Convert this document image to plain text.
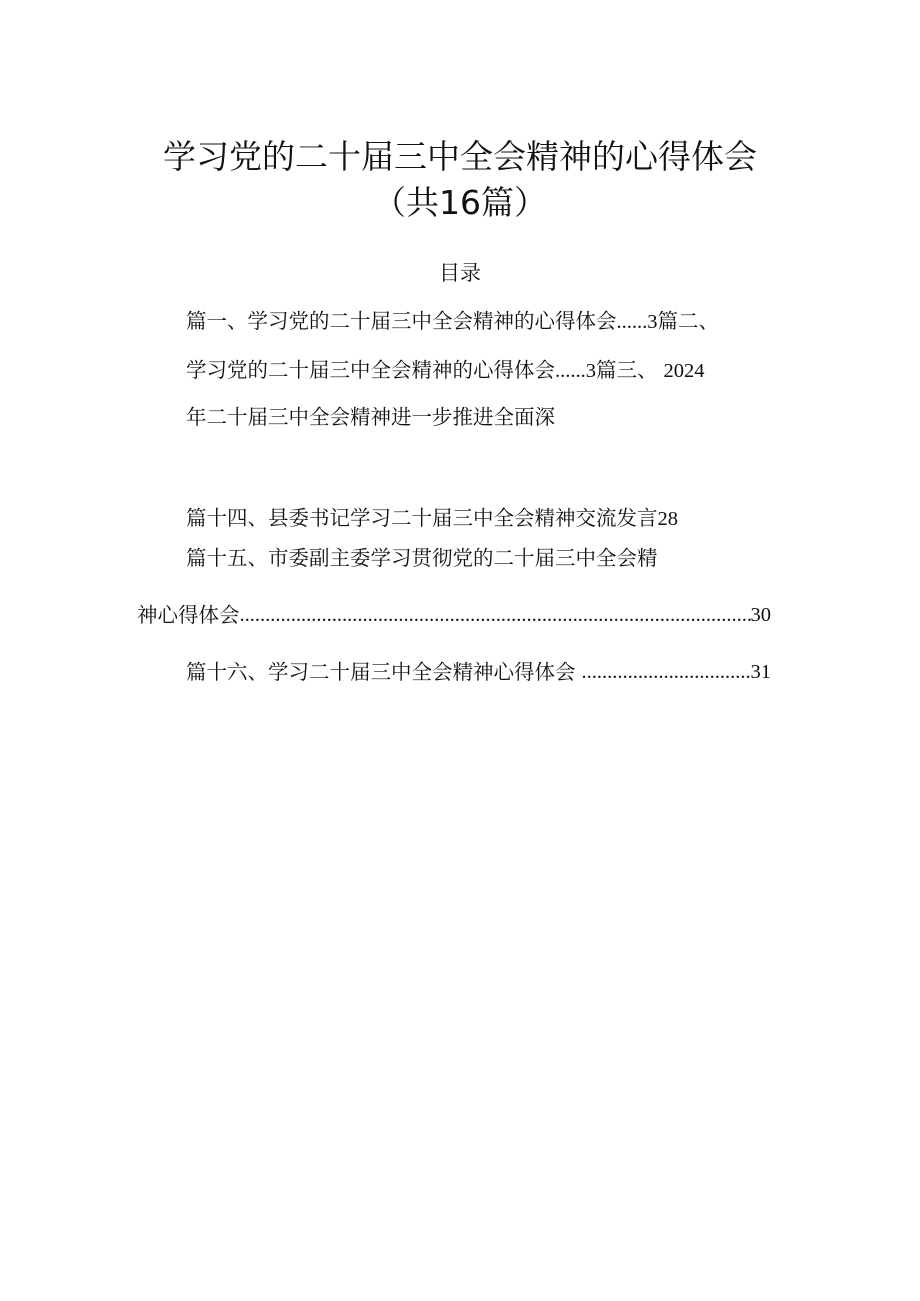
学习党的二十届三中全会精神的心得体会
（共16篇）
目录
篇一、学习党的二十届三中全会精神的心得体会......3篇二、
学习党的二十届三中全会精神的心得体会......3篇三、 2024
年二十届三中全会精神进一步推进全面深
篇十四、县委书记学习二十届三中全会精神交流发言28
篇十五、市委副主委学习贯彻党的二十届三中全会精
神心得体会 .....	30
篇十六、学习二十届三中全会精神心得体会 .....	31
